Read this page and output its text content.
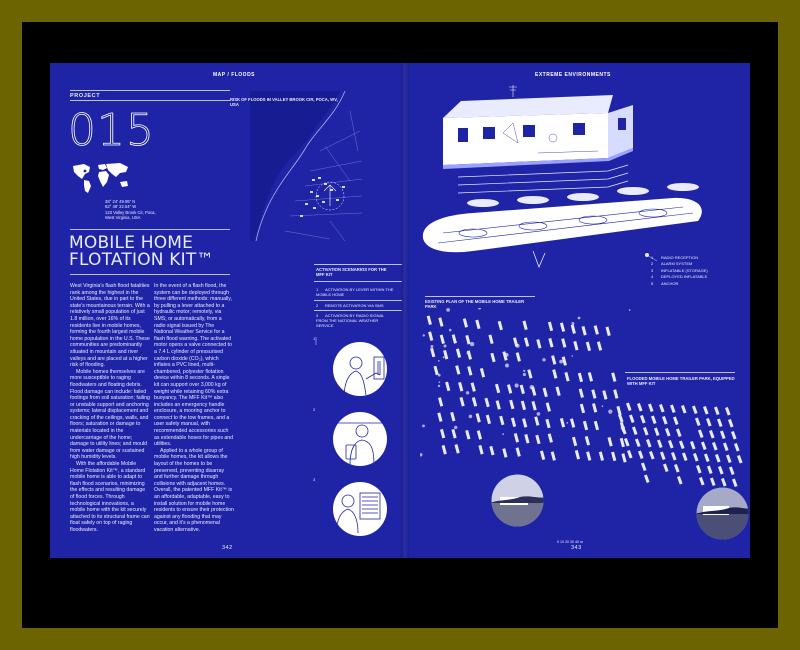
MAP / FLOODS
PROJECT
015
38° 24' 49.95" N
82° 49' 22.54" W
123 Valley Brook Cir, Poca,
West Virginia, USA
MOBILE HOME
FLOTATION KIT™

West Virginia's flash flood fatalities rank among the highest in the United States, due in part to the state's mountainous terrain. With a relatively small population of just 1.8 million, over 16% of its residents live in mobile homes, forming the fourth largest mobile home population in the U.S. These communities are predominantly situated in mountain and river valleys and are placed at a higher risk of flooding.

Mobile homes themselves are more susceptible to raging floodwaters and floating debris. Flood damage can include: failed footings from soil saturation; failing or unstable support and anchoring systems; lateral displacement and cracking of the ceilings, walls, and floors; saturation or damage to materials located in the undercarriage of the home; damage to utility lines; and mould from water damage or sustained high humidity levels.

With the affordable Mobile Home Flotation Kit™, a standard mobile home is able to adapt to flash flood scenarios, minimizing the effects and resulting damage of flood forces. Through technological innovations, a mobile home with the kit securely attached to its structural frame can float safely on top of raging floodwaters.

In the event of a flash flood, the system can be deployed through three different methods: manually, by pulling a lever attached to a hydraulic motor; remotely, via SMS; or automatically, from a radio signal issued by The National Weather Service for a flash flood warning. The activated motor opens a valve connected to a 7.4 L cylinder of pressurised carbon dioxide (CO₂), which inflates a PVC lined, multi-chambered, polyester flotation device within 8 seconds. A single kit can support over 3,000 kg of weight while retaining 60% extra buoyancy. The MFF Kit™ also includes an emergency handle enclosure, a mooring anchor to connect to the tow frames, and a user safety manual, with recommended accessories such as extendable hoses for pipes and utilities.

Applied to a whole group of mobile homes, the kit allows the layout of the homes to be preserved, preventing disarray and further damage through collisions with adjacent homes. Overall, the patented MFF Kit™ is an affordable, adaptable, easy to install solution for mobile home residents to ensure their protection against any flooding that may occur, and it's a phenomenal vacation alternative.

RISK OF FLOODS IN VALLEY BROOK CIR, POCA, WV, USA
ACTIVATION SCENARIOS FOR THE MFF KIT
1 ACTIVATION BY LEVER WITHIN THE MOBILE HOME
2 REMOTE ACTIVATION VIA SMS
3 ACTIVATION BY RADIO SIGNAL FROM THE NATIONAL WEATHER SERVICE
1
2
3
342
EXTREME ENVIRONMENTS
1 RADIO RECEPTION
2 ALARM SYSTEM
3 INFLATABLE (STORAGE)
4 DEPLOYED INFLATABLE
5 ANCHOR
EXISTING PLAN OF THE MOBILE HOME TRAILER PARK
FLOODED MOBILE HOME TRAILER PARK, EQUIPPED WITH MFF KIT
0 10 20 30 40 m
343
